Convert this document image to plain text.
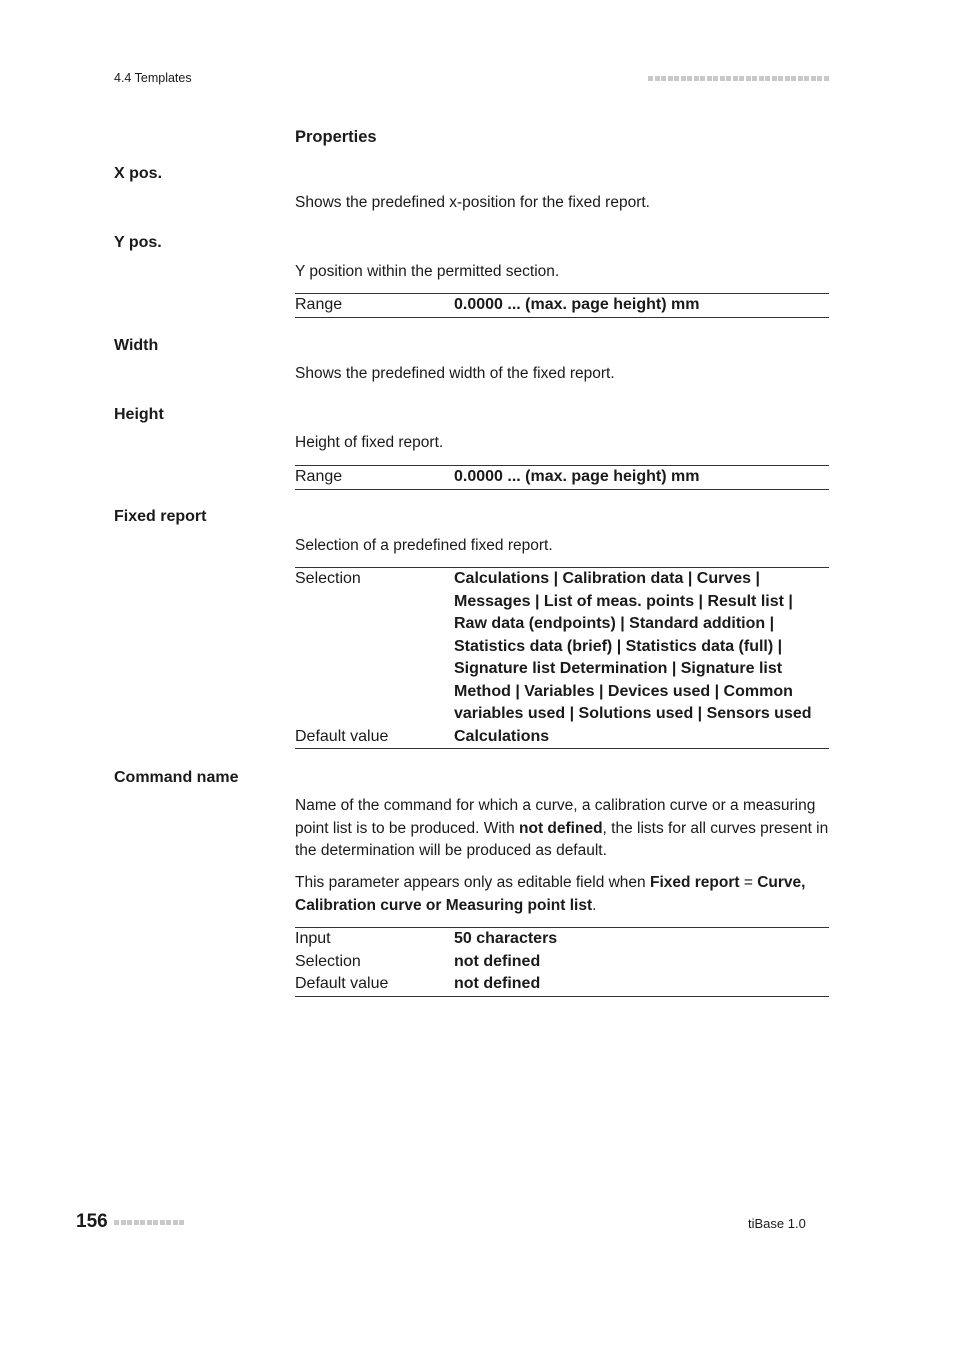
4.4 Templates
Properties
X pos.
Shows the predefined x-position for the fixed report.
Y pos.
Y position within the permitted section.
Range	0.0000 ... (max. page height) mm
Width
Shows the predefined width of the fixed report.
Height
Height of fixed report.
Range	0.0000 ... (max. page height) mm
Fixed report
Selection of a predefined fixed report.
Selection	Calculations | Calibration data | Curves | Messages | List of meas. points | Result list | Raw data (endpoints) | Standard addition | Statistics data (brief) | Statistics data (full) | Signature list Determination | Signature list Method | Variables | Devices used | Common variables used | Solutions used | Sensors used
Default value	Calculations
Command name
Name of the command for which a curve, a calibration curve or a measuring point list is to be produced. With not defined, the lists for all curves present in the determination will be produced as default.
This parameter appears only as editable field when Fixed report = Curve, Calibration curve or Measuring point list.
Input	50 characters
Selection	not defined
Default value	not defined
156	tiBase 1.0
